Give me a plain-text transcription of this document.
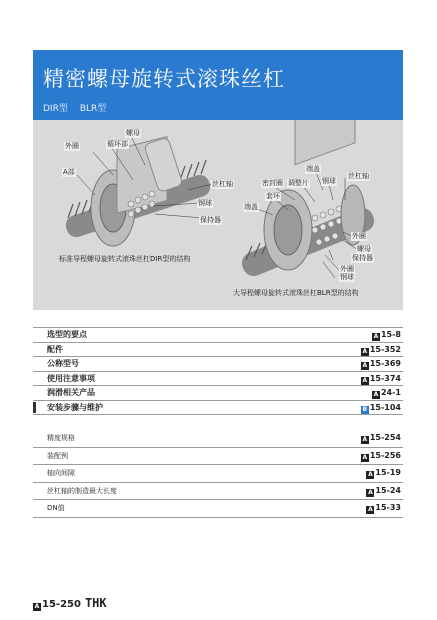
精密螺母旋转式滚珠丝杠
DIR型 BLR型
螺母
外圈	循环部
A部
丝杠轴
钢球
保持器
标准导程螺母旋转式滚珠丝杠DIR型的结构
端盖
密封圈 调整片 钢球
丝杠轴
套环
端盖
外圈
螺母
保持器
外圈
钢球
大导程螺母旋转式滚珠丝杠BLR型的结构
选型的要点	A 15-8
配件	A 15-352
公称型号	A 15-369
使用注意事项	A 15-374
润滑相关产品	A 24-1
安装步骤与维护	B 15-104
精度规格	A 15-254
装配例	A 15-256
轴向间隙	A 15-19
丝杠轴的制造最大长度	A 15-24
DN值	A 15-33
A 15-250 THK
